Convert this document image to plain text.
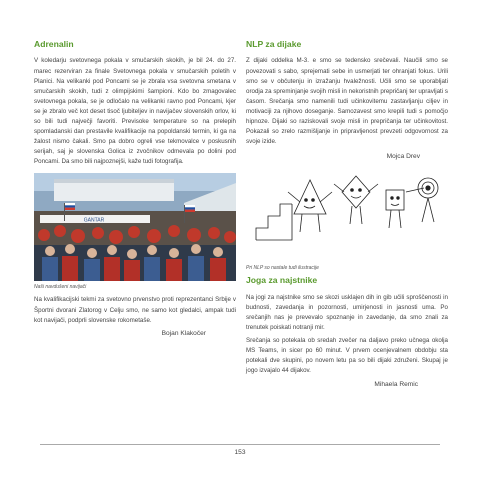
Adrenalin

V koledarju svetovnega pokala v smučarskih skokih, je bil 24. do 27. marec rezerviran za finale Svetovnega pokala v smučarskih poletih v Planici. Na velikanki pod Poncami se je zbrala vsa svetovna smetana v smučarskih skokih, tudi z olimpijskimi šampioni. Kdo bo zmagovalec svetovnega pokala, se je odločalo na velikanki ravno pod Poncami, kjer se je zbralo več kot deset tisoč ljubiteljev in navijačev slovenskih orlov, ki so bili tudi največji favoriti. Previsoke temperature so na prelepih spomladanski dan prestavile kvalifikacije na popoldanski termin, ki ga na žalost nismo čakali. Smo pa dobro ogreli vse tekmovalce v poskusnih serijah, saj je slovenska Golica iz zvočnikov odmevala po dolini pod Poncami. Da smo bili najpoznejši, kaže tudi fotografija.

GANTAR
Naši navdušeni navijači

Na kvalifikacijski tekmi za svetovno prvenstvo proti reprezentanci Srbije v Športni dvorani Zlatorog v Celju smo, ne samo kot gledalci, ampak tudi kot navijači, podprli slovenske rokometaše.

Bojan Klakočer
NLP za dijake

Z dijaki oddelka M-3. e smo se tedensko srečevali. Naučili smo se povezovati s sabo, sprejemati sebe in usmerjati ter ohranjati fokus. Urili smo se v občutenju in izražanju hvaležnosti. Učili smo se uporabljati orodja za spreminjanje svojih misli in nekoristnih prepričanj ter upravljati s časom. Srečanja smo namenili tudi učinkovitemu zastavljanju ciljev in motivaciji za njihovo doseganje. Samozavest smo krepili tudi s pomočjo hipnoze. Dijaki so raziskovali svoje misli in prepričanja ter učinkovitost. Pokazali so zrelo razmišljanje in pripravljenost prevzeti odgovornost za svoje izide.

Mojca Drev
Pri NLP so nastale tudi ilustracije
Joga za najstnike

Na jogi za najstnike smo se skozi usklajen dih in gib učili sproščenosti in budnosti, zavedanja in pozornosti, umirjenosti in jasnosti uma. Po srečanjih nas je prevevalo spoznanje in zavedanje, da smo znali za trenutek poiskati notranji mir.

Srečanja so potekala ob sredah zvečer na daljavo preko učnega okolja MS Teams, in sicer po 60 minut. V prvem ocenjevalnem obdobju sta potekali dve skupini, po novem letu pa so bili dijaki združeni. Skupaj je jogo izvajalo 44 dijakov.

Mihaela Remic
153
